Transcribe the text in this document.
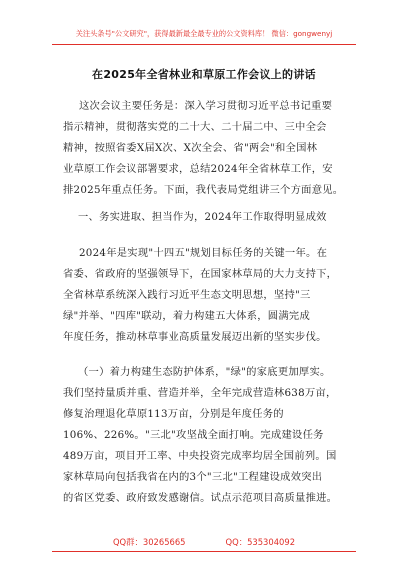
关注头条号"公文研究"，获得最新最全最专业的公文资料库！ 微信：gongwenyj
在2025年全省林业和草原工作会议上的讲话
这次会议主要任务是：深入学习贯彻习近平总书记重要
指示精神，贯彻落实党的二十大、二十届二中、三中全会
精神，按照省委X届X次、X次全会、省"两会"和全国林
业草原工作会议部署要求，总结2024年全省林草工作，安
排2025年重点任务。下面，我代表局党组讲三个方面意见。
一、务实进取、担当作为，2024年工作取得明显成效
2024年是实现"十四五"规划目标任务的关键一年。在
省委、省政府的坚强领导下，在国家林草局的大力支持下，
全省林草系统深入践行习近平生态文明思想，坚持"三
绿"并举、"四库"联动，着力构建五大体系，圆满完成
年度任务，推动林草事业高质量发展迈出新的坚实步伐。
（一）着力构建生态防护体系，"绿"的家底更加厚实。
我们坚持量质并重、营造并举，全年完成营造林638万亩，
修复治理退化草原113万亩，分别是年度任务的
106%、226%。"三北"攻坚战全面打响。完成建设任务
489万亩，项目开工率、中央投资完成率均居全国前列。国
家林草局向包括我省在内的3个"三北"工程建设成效突出
的省区党委、政府致发感谢信。试点示范项目高质量推进。
QQ群：30265665	QQ：535304092
